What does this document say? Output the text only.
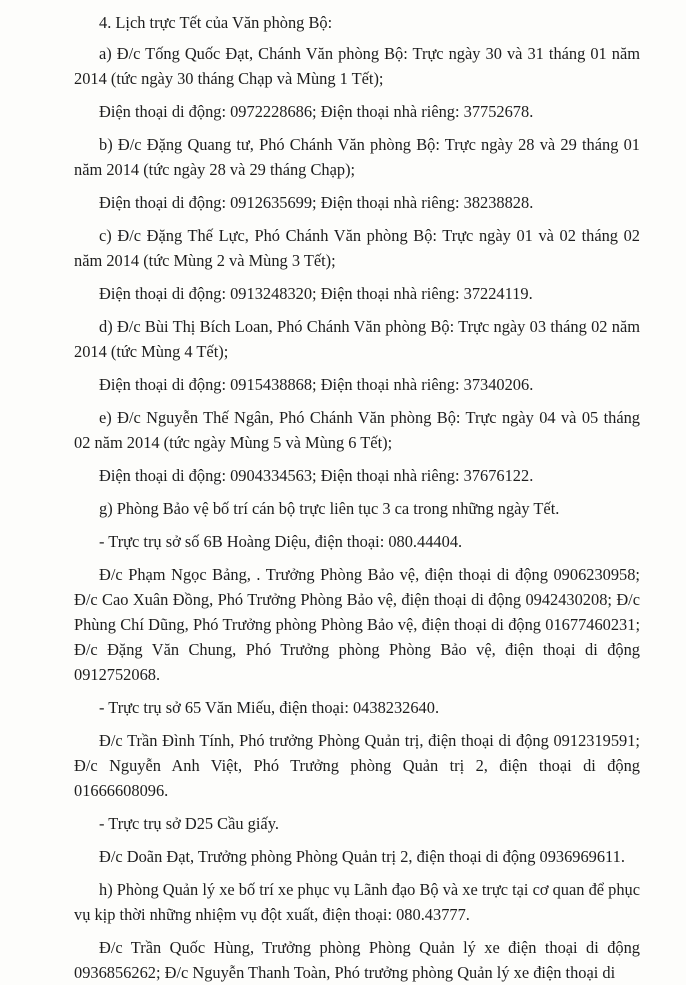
4. Lịch trực Tết của Văn phòng Bộ:

a) Đ/c Tống Quốc Đạt, Chánh Văn phòng Bộ: Trực ngày 30 và 31 tháng 01 năm 2014 (tức ngày 30 tháng Chạp và Mùng 1 Tết);

Điện thoại di động: 0972228686; Điện thoại nhà riêng: 37752678.

b) Đ/c Đặng Quang tư, Phó Chánh Văn phòng Bộ: Trực ngày 28 và 29 tháng 01 năm 2014 (tức ngày 28 và 29 tháng Chạp);

Điện thoại di động: 0912635699; Điện thoại nhà riêng: 38238828.

c) Đ/c Đặng Thế Lực, Phó Chánh Văn phòng Bộ: Trực ngày 01 và 02 tháng 02 năm 2014 (tức Mùng 2 và Mùng 3 Tết);

Điện thoại di động: 0913248320; Điện thoại nhà riêng: 37224119.

d) Đ/c Bùi Thị Bích Loan, Phó Chánh Văn phòng Bộ: Trực ngày 03 tháng 02 năm 2014 (tức Mùng 4 Tết);

Điện thoại di động: 0915438868; Điện thoại nhà riêng: 37340206.

e) Đ/c Nguyễn Thế Ngân, Phó Chánh Văn phòng Bộ: Trực ngày 04 và 05 tháng 02 năm 2014 (tức ngày Mùng 5 và Mùng 6 Tết);

Điện thoại di động: 0904334563; Điện thoại nhà riêng: 37676122.

g) Phòng Bảo vệ bố trí cán bộ trực liên tục 3 ca trong những ngày Tết.

- Trực trụ sở số 6B Hoàng Diệu, điện thoại: 080.44404.

Đ/c Phạm Ngọc Bảng, . Trưởng Phòng Bảo vệ, điện thoại di động 0906230958; Đ/c Cao Xuân Đồng, Phó Trưởng Phòng Bảo vệ, điện thoại di động 0942430208; Đ/c Phùng Chí Dũng, Phó Trưởng phòng Phòng Bảo vệ, điện thoại di động 01677460231; Đ/c Đặng Văn Chung, Phó Trưởng phòng Phòng Bảo vệ, điện thoại di động 0912752068.

- Trực trụ sở 65 Văn Miếu, điện thoại: 0438232640.

Đ/c Trần Đình Tính, Phó trưởng Phòng Quản trị, điện thoại di động 0912319591; Đ/c Nguyễn Anh Việt, Phó Trưởng phòng Quản trị 2, điện thoại di động 01666608096.

- Trực trụ sở D25 Cầu giấy.

Đ/c Doãn Đạt, Trưởng phòng Phòng Quản trị 2, điện thoại di động 0936969611.

h) Phòng Quản lý xe bố trí xe phục vụ Lãnh đạo Bộ và xe trực tại cơ quan để phục vụ kịp thời những nhiệm vụ đột xuất, điện thoại: 080.43777.

Đ/c Trần Quốc Hùng, Trưởng phòng Phòng Quản lý xe điện thoại di động 0936856262; Đ/c Nguyễn Thanh Toàn, Phó trưởng phòng Quản lý xe điện thoại di
